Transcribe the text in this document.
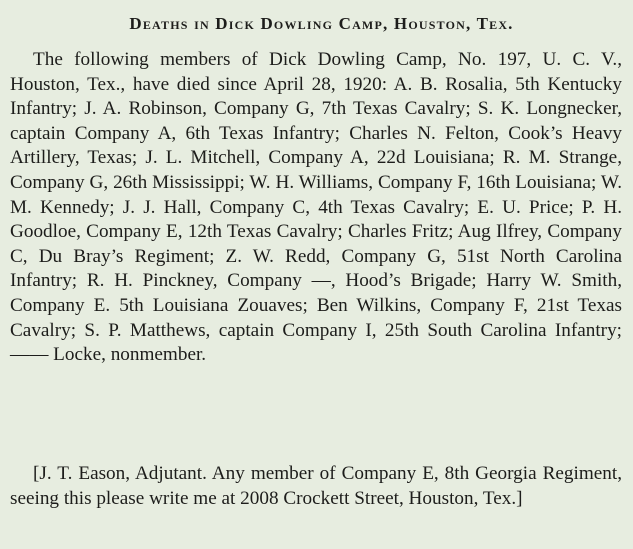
Deaths in Dick Dowling Camp, Houston, Tex.

The following members of Dick Dowling Camp, No. 197, U. C. V., Houston, Tex., have died since April 28, 1920: A. B. Rosalia, 5th Kentucky Infantry; J. A. Robinson, Company G, 7th Texas Cavalry; S. K. Longnecker, captain Company A, 6th Texas Infantry; Charles N. Felton, Cook’s Heavy Artillery, Texas; J. L. Mitchell, Company A, 22d Louisiana; R. M. Strange, Company G, 26th Mississippi; W. H. Williams, Company F, 16th Louisiana; W. M. Kennedy; J. J. Hall, Company C, 4th Texas Cavalry; E. U. Price; P. H. Goodloe, Company E, 12th Texas Cavalry; Charles Fritz; Aug Ilfrey, Company C, Du Bray’s Regiment; Z. W. Redd, Company G, 51st North Carolina Infantry; R. H. Pinckney, Company —, Hood’s Brigade; Harry W. Smith, Company E. 5th Louisiana Zouaves; Ben Wilkins, Company F, 21st Texas Cavalry; S. P. Matthews, captain Company I, 25th South Carolina Infantry; —— Locke, nonmember.

[J. T. Eason, Adjutant. Any member of Company E, 8th Georgia Regiment, seeing this please write me at 2008 Crockett Street, Houston, Tex.]
